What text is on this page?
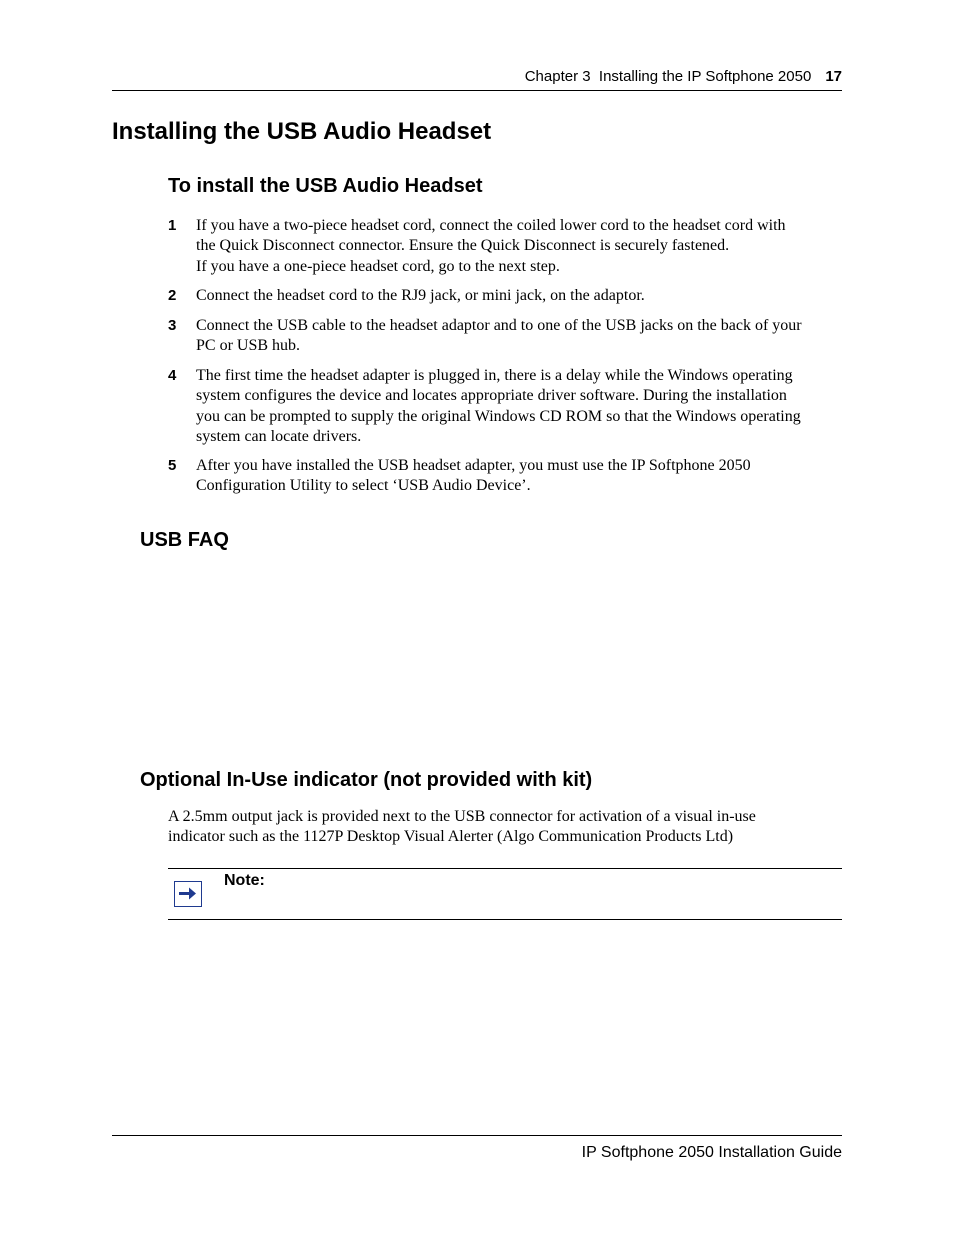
Chapter 3  Installing the IP Softphone 2050 17
Installing the USB Audio Headset
To install the USB Audio Headset
1 If you have a two-piece headset cord, connect the coiled lower cord to the headset cord with
the Quick Disconnect connector. Ensure the Quick Disconnect is securely fastened.
If you have a one-piece headset cord, go to the next step.
2 Connect the headset cord to the RJ9 jack, or mini jack, on the adaptor.
3 Connect the USB cable to the headset adaptor and to one of the USB jacks on the back of your
PC or USB hub.
4 The first time the headset adapter is plugged in, there is a delay while the Windows operating
system configures the device and locates appropriate driver software. During the installation
you can be prompted to supply the original Windows CD ROM so that the Windows operating
system can locate drivers.
5 After you have installed the USB headset adapter, you must use the IP Softphone 2050
Configuration Utility to select ‘USB Audio Device’.
USB FAQ
Optional In-Use indicator (not provided with kit)
A 2.5mm output jack is provided next to the USB connector for activation of a visual in-use
indicator such as the 1127P Desktop Visual Alerter (Algo Communication Products Ltd)
Note:
IP Softphone 2050 Installation Guide
